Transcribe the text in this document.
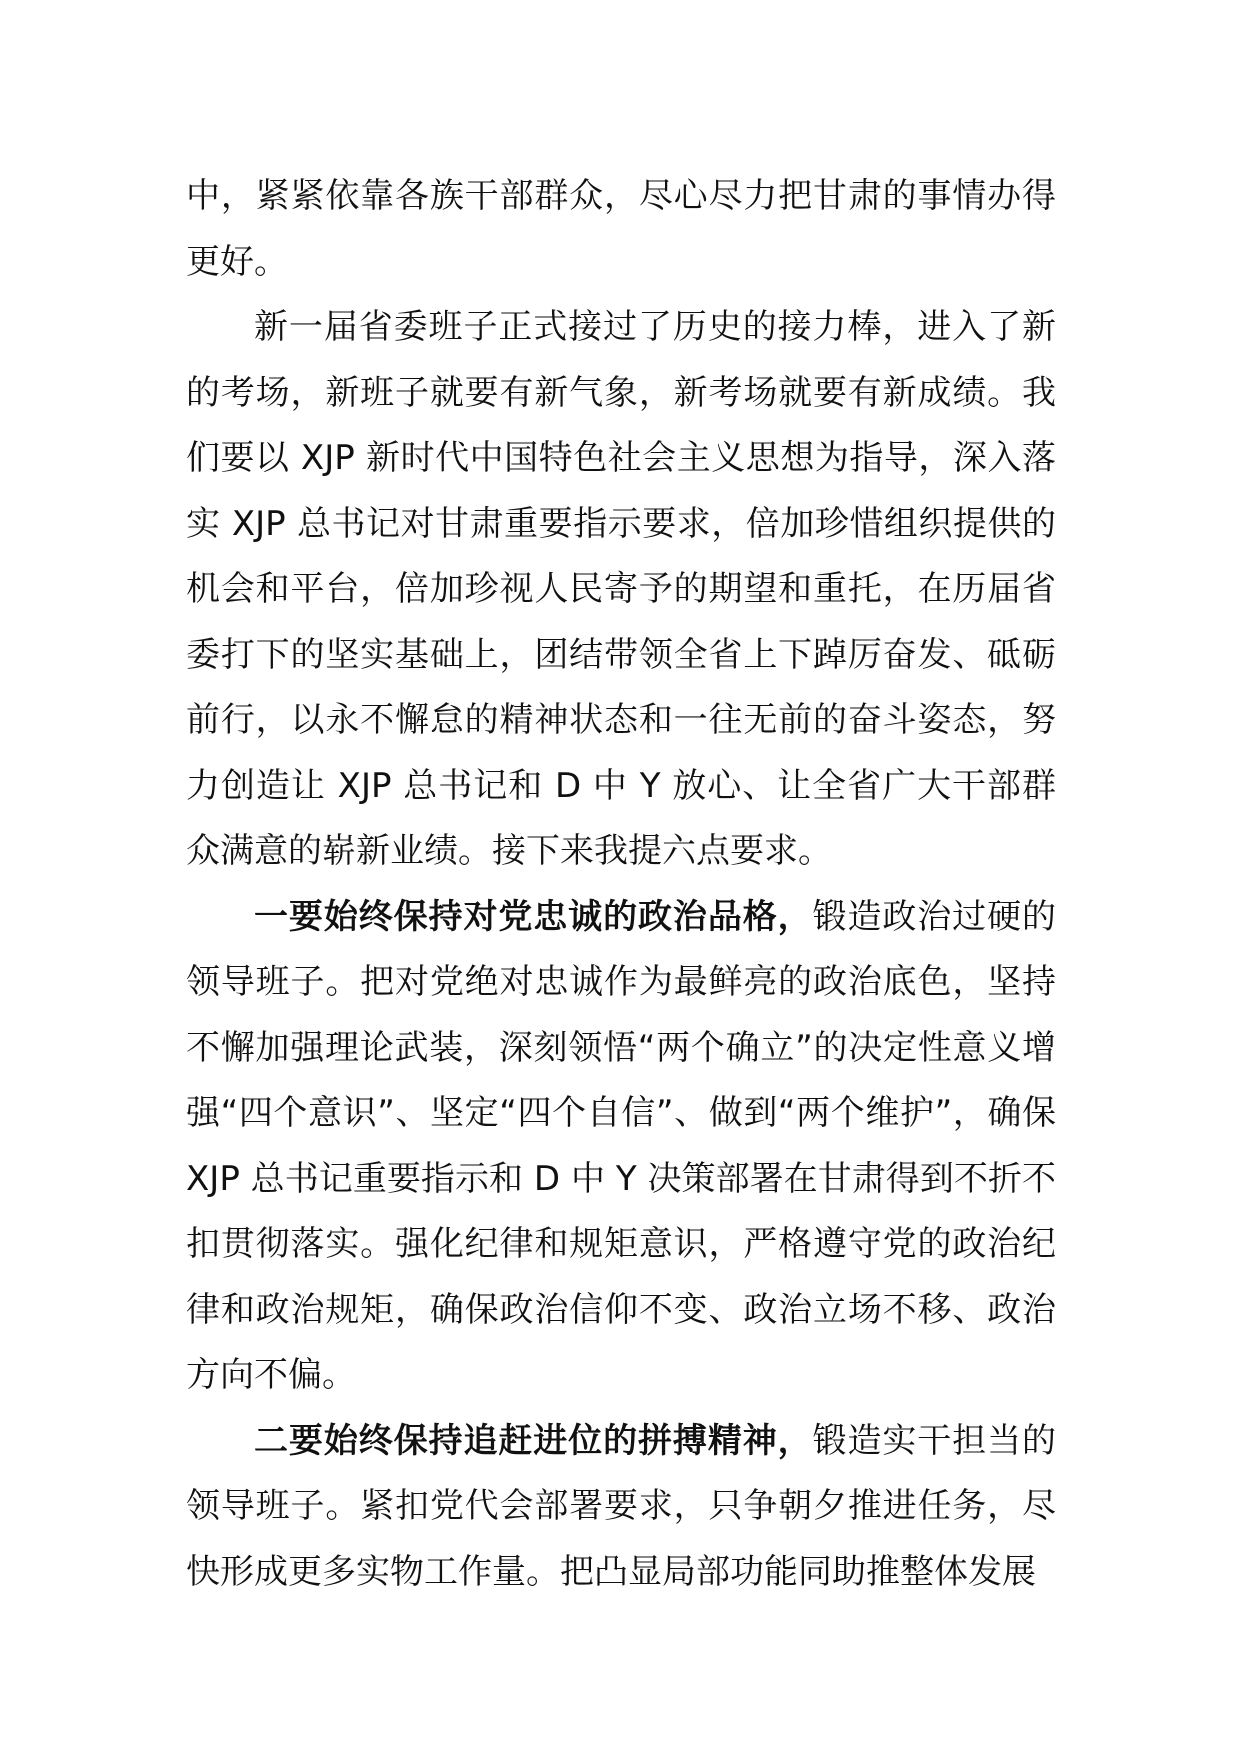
中，紧紧依靠各族干部群众，尽心尽力把甘肃的事情办得更好。

新一届省委班子正式接过了历史的接力棒，进入了新的考场，新班子就要有新气象，新考场就要有新成绩。我们要以 XJP 新时代中国特色社会主义思想为指导，深入落实 XJP 总书记对甘肃重要指示要求，倍加珍惜组织提供的机会和平台，倍加珍视人民寄予的期望和重托，在历届省委打下的坚实基础上，团结带领全省上下踔厉奋发、砥砺前行，以永不懈怠的精神状态和一往无前的奋斗姿态，努力创造让 XJP 总书记和 D 中 Y 放心、让全省广大干部群众满意的崭新业绩。接下来我提六点要求。

一要始终保持对党忠诚的政治品格，锻造政治过硬的领导班子。把对党绝对忠诚作为最鲜亮的政治底色，坚持不懈加强理论武装，深刻领悟“两个确立”的决定性意义增强“四个意识”、坚定“四个自信”、做到“两个维护”，确保 XJP 总书记重要指示和 D 中 Y 决策部署在甘肃得到不折不扣贯彻落实。强化纪律和规矩意识，严格遵守党的政治纪律和政治规矩，确保政治信仰不变、政治立场不移、政治方向不偏。

二要始终保持追赶进位的拼搏精神，锻造实干担当的领导班子。紧扣党代会部署要求，只争朝夕推进任务，尽快形成更多实物工作量。把凸显局部功能同助推整体发展
